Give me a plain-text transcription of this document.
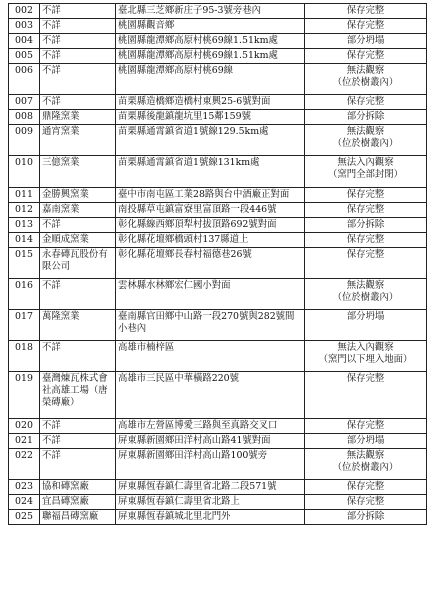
002	不詳	臺北縣三芝鄉新庄子95-3號旁巷內	保存完整

003	不詳	桃園縣觀音鄉	保存完整

004	不詳	桃園縣龍潭鄉高原村桃69線1.51km處	部分坍塌

005	不詳	桃園縣龍潭鄉高原村桃69線1.51km處	保存完整

006	不詳	桃園縣龍潭鄉高原村桃69線	無法觀察
（位於樹叢內）

007	不詳	苗栗縣造橋鄉造橋村東興25-6號對面	保存完整

008	鼎隆窯業	苗栗縣後龍鎮龍坑里15鄰159號	部分拆除

009	通宵窯業	苗栗縣通霄鎮省道1號線129.5km處	無法觀察
（位於樹叢內）

010	三億窯業	苗栗縣通霄鎮省道1號線131km處	無法入內觀察
（窯門全部封閉）

011	金勝興窯業	臺中市南屯區工業28路與台中酒廠正對面	保存完整

012	嘉南窯業	南投縣草屯鎮富寮里富頂路一段446號	保存完整

013	不詳	彰化縣線西鄉頂犁村拔頂路692號對面	部分拆除

014	金順成窯業	彰化縣花壇鄉橋頭村137縣道上	保存完整

015	永春磚瓦股份有限公司	彰化縣花壇鄉長春村福德巷26號	保存完整

016	不詳	雲林縣水林鄉宏仁國小對面	無法觀察
（位於樹叢內）

017	萬隆窯業	臺南縣官田鄉中山路一段270號與282號間小巷內	部分坍塌

018	不詳	高雄市楠梓區	無法入內觀察
（窯門以下埋入地面）

019	臺灣煉瓦株式會社高雄工場（唐榮磚廠）	高雄市三民區中華橫路220號	保存完整

020	不詳	高雄市左營區博愛三路與至真路交叉口	保存完整

021	不詳	屏東縣新園鄉田洋村高山路41號對面	部分坍塌

022	不詳	屏東縣新園鄉田洋村高山路100號旁	無法觀察
（位於樹叢內）

023	協和磚窯廠	屏東縣恆春鎮仁壽里省北路二段571號	保存完整

024	宜昌磚窯廠	屏東縣恆春鎮仁壽里省北路上	保存完整

025	聯福昌磚窯廠	屏東縣恆春鎮城北里北門外	部分拆除
